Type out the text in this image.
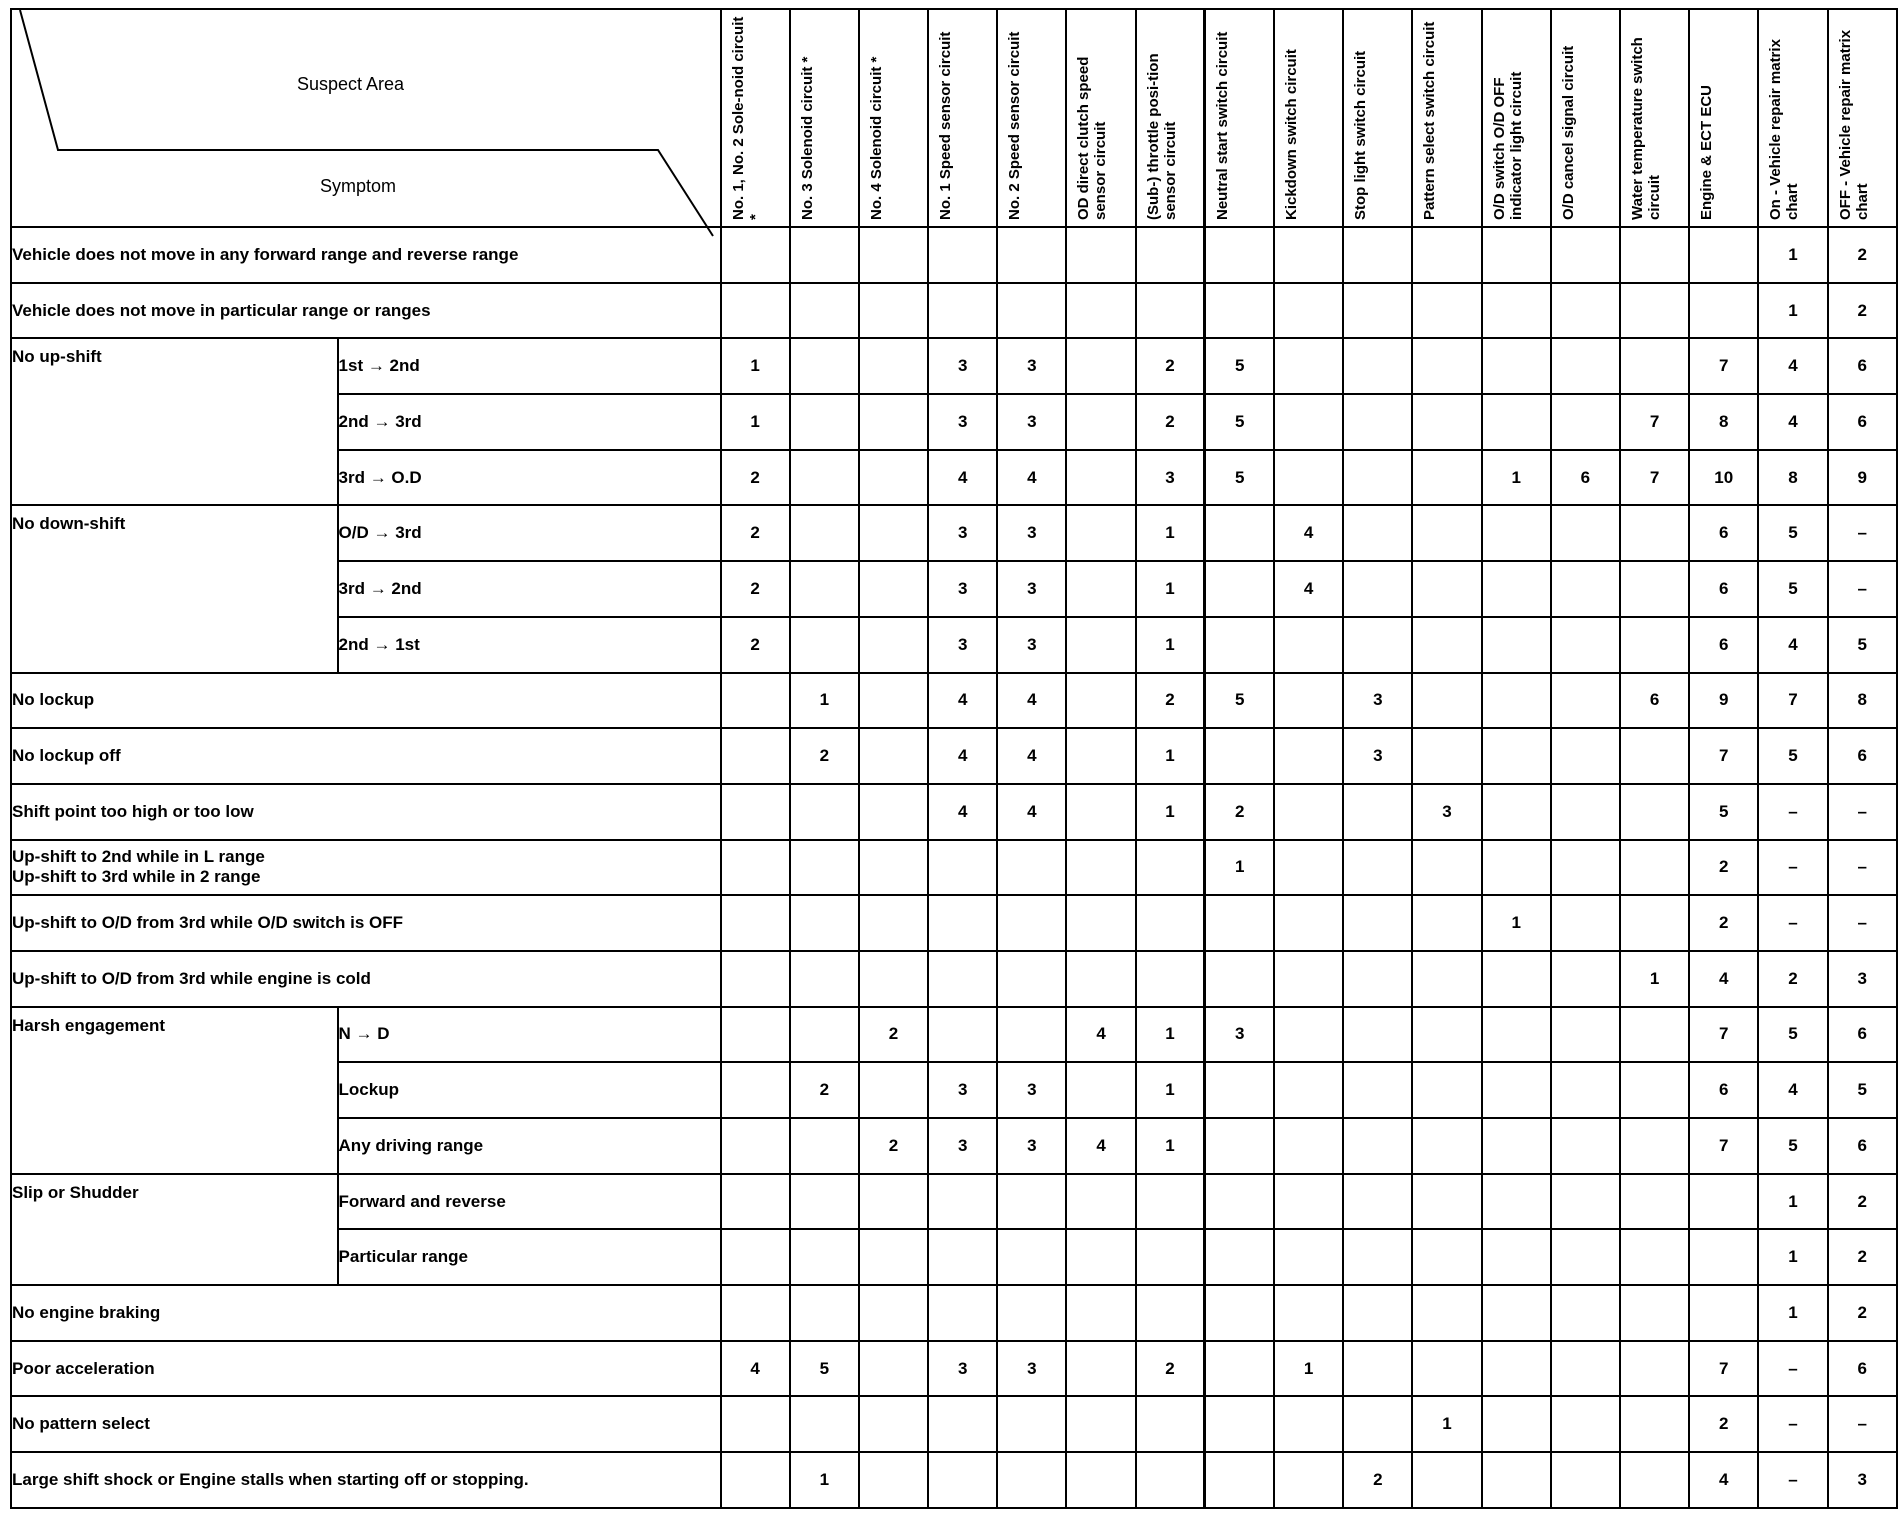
Suspect Area
Symptom		No. 1, No. 2 Sole-noid circuit *	No. 3 Solenoid circuit *	No. 4 Solenoid circuit *	No. 1 Speed sensor circuit	No. 2 Speed sensor circuit	OD direct clutch speed sensor circuit	(Sub-) throttle posi-tion sensor circuit	Neutral start switch circuit	Kickdown switch circuit	Stop light switch circuit	Pattern select switch circuit	O/D switch O/D OFF indicator light circuit	O/D cancel signal circuit	Water temperature switch circuit	Engine & ECT ECU	On - Vehicle repair matrix chart	OFF - Vehicle repair matrix chart

Vehicle does not move in any forward range and reverse range																	1	2
Vehicle does not move in particular range or ranges																	1	2
No up-shift	1st → 2nd	1			3	3		2	5							7	4	6
	2nd → 3rd	1			3	3		2	5						7	8	4	6
	3rd → O.D	2			4	4		3	5				1	6	7	10	8	9
No down-shift	O/D → 3rd	2			3	3		1		4						6	5	–
	3rd → 2nd	2			3	3		1		4						6	5	–
	2nd → 1st	2			3	3		1								6	4	5
No lockup			1		4	4		2	5		3				6	9	7	8
No lockup off			2		4	4		1			3					7	5	6
Shift point too high or too low					4	4		1	2			3				5	–	–

Up-shift to 2nd while in L range
Up-shift to 3rd while in 2 range									1							2	–	–
Up-shift to O/D from 3rd while O/D switch is OFF													1			2	–	–
Up-shift to O/D from 3rd while engine is cold															1	4	2	3
Harsh engagement	N → D			2			4	1	3							7	5	6
	Lockup		2		3	3		1								6	4	5
	Any driving range			2	3	3	4	1								7	5	6
Slip or Shudder	Forward and reverse																1	2
	Particular range																1	2
No engine braking																	1	2
Poor acceleration		4	5		3	3		2		1						7	–	6
No pattern select												1				2	–	–
Large shift shock or Engine stalls when starting off or stopping.			1								2					4	–	3
